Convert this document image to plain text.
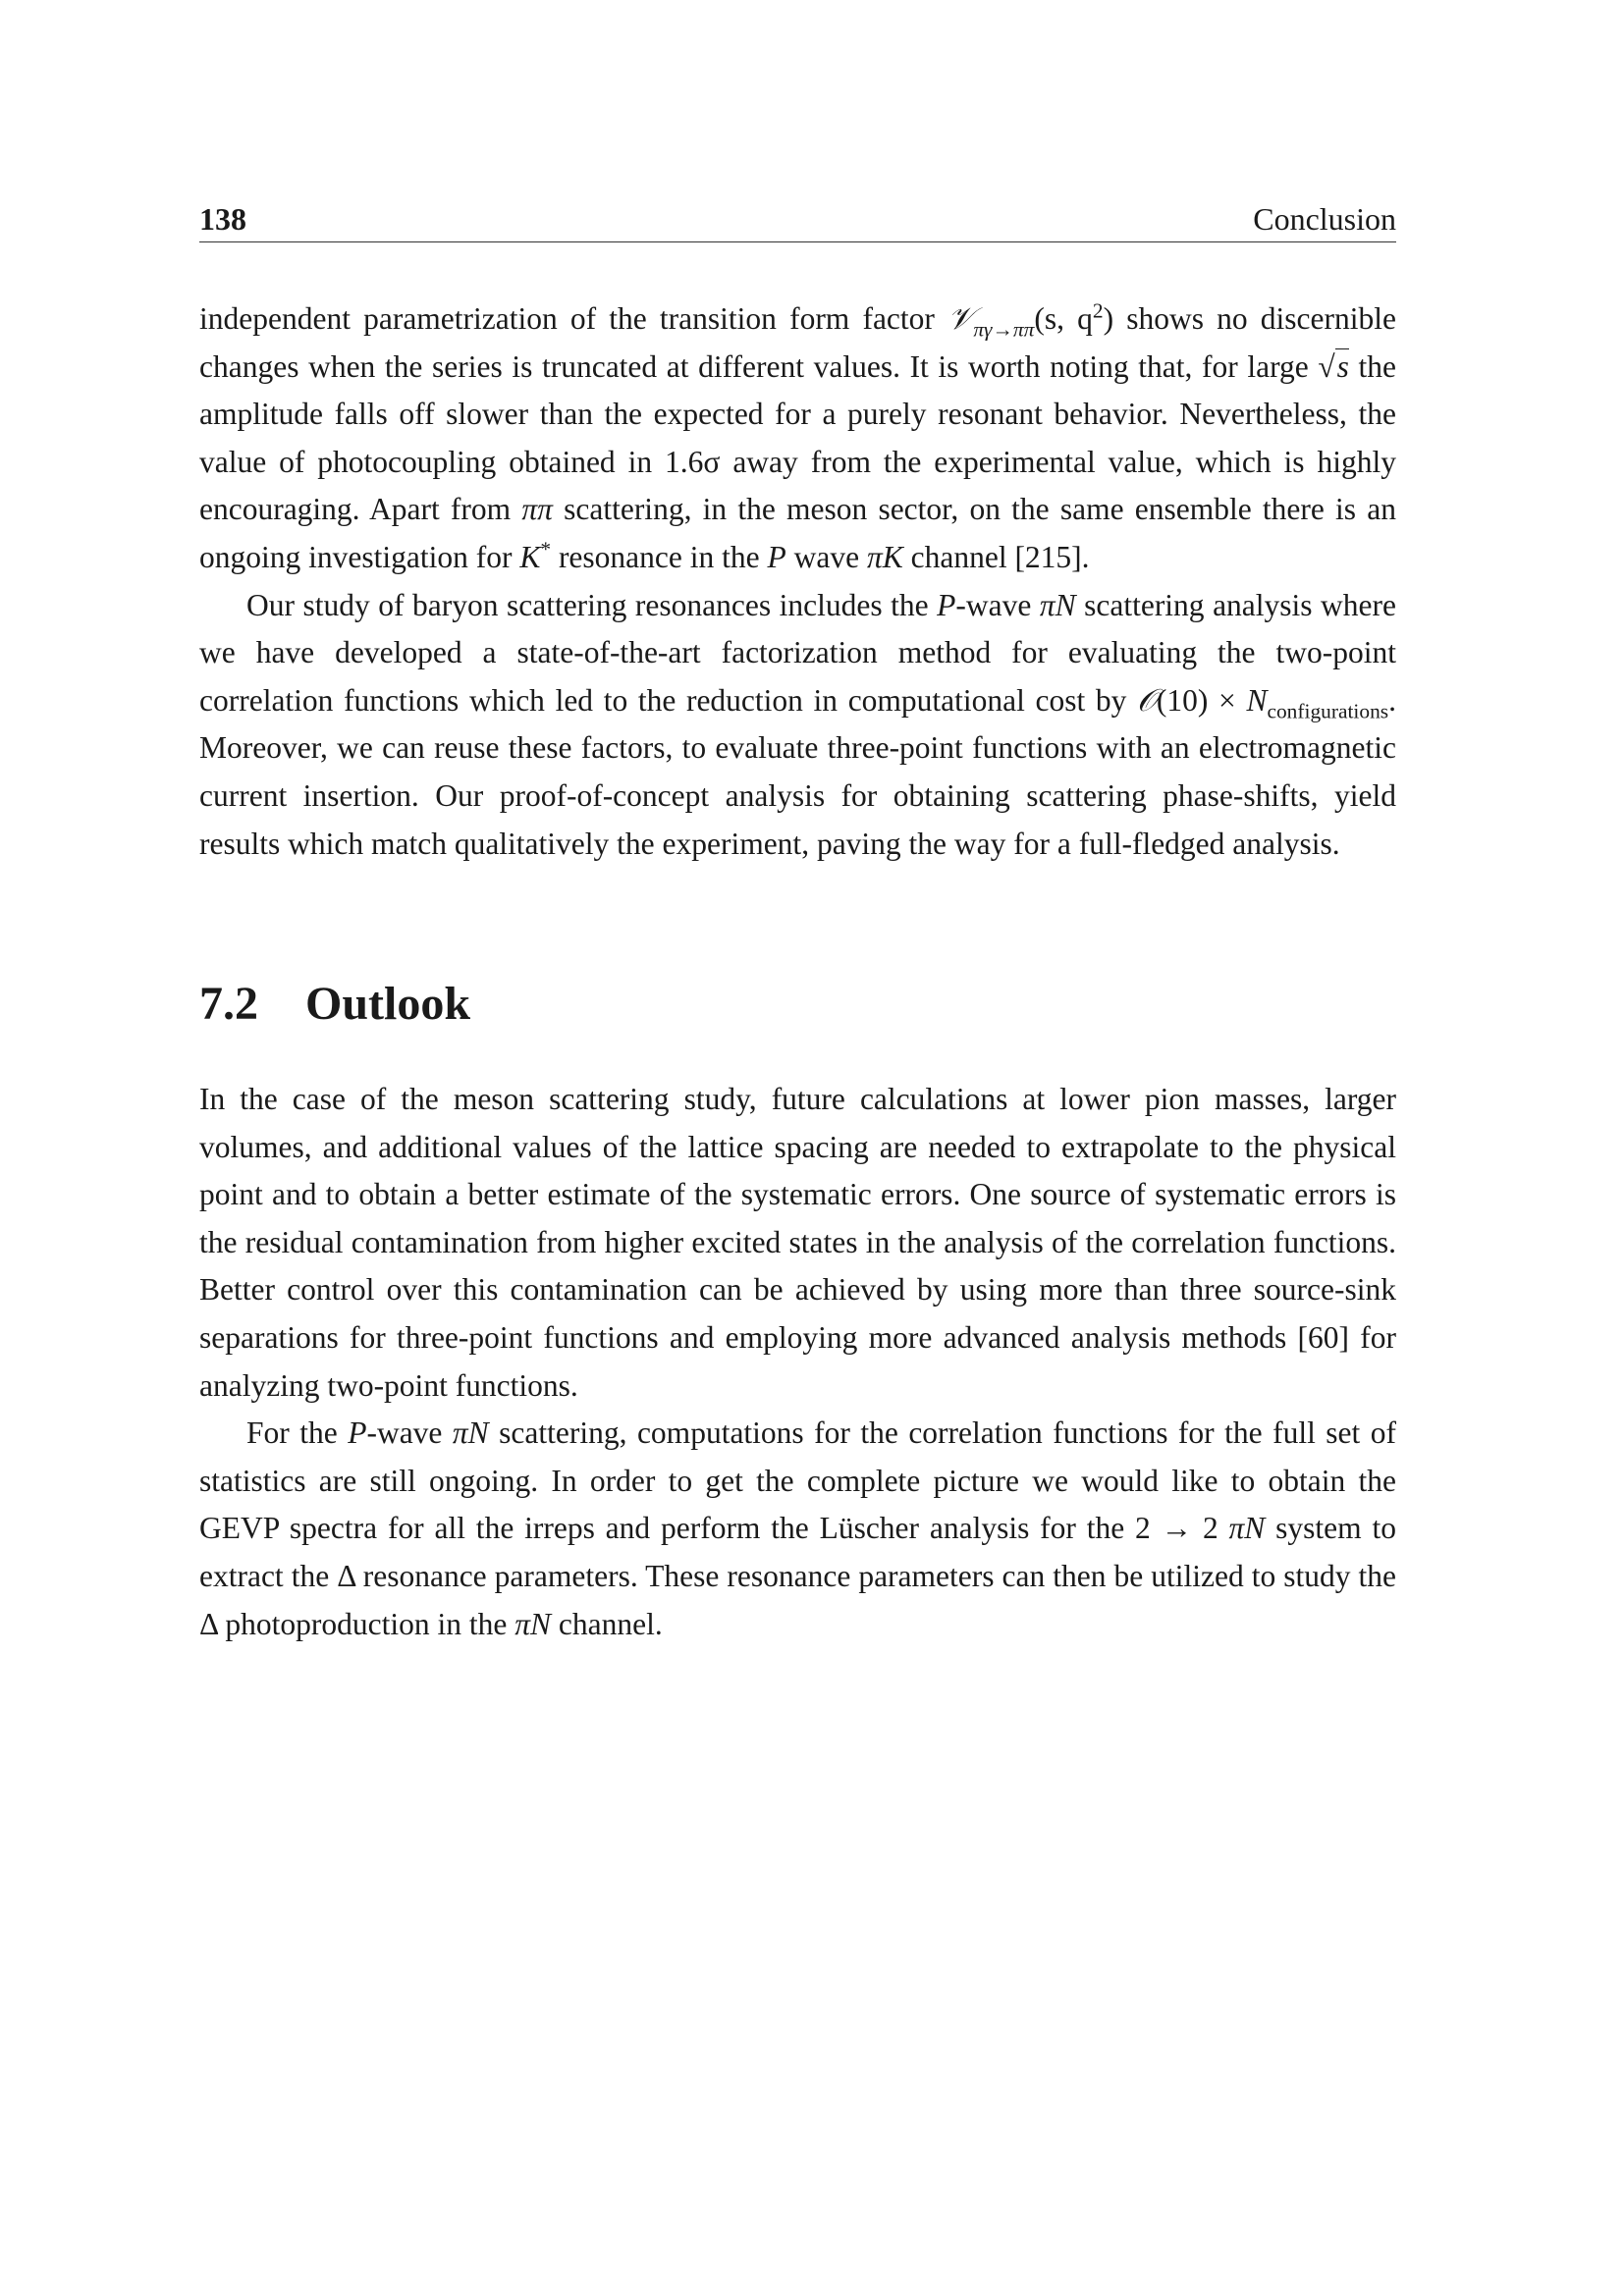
138	Conclusion

independent parametrization of the transition form factor 𝒱$_{\pi\gamma\to\pi\pi}$(s, $q^2$) shows no discernible changes when the series is truncated at different values. It is worth noting that, for large √s the amplitude falls off slower than the expected for a purely resonant behavior. Nevertheless, the value of photocoupling obtained in 1.6σ away from the experimental value, which is highly encouraging. Apart from ππ scattering, in the meson sector, on the same ensemble there is an ongoing investigation for K* resonance in the P wave πK channel [215].

Our study of baryon scattering resonances includes the P-wave πN scattering analysis where we have developed a state-of-the-art factorization method for evaluating the two-point correlation functions which led to the reduction in computational cost by 𝒪(10) × $N_{configurations}$. Moreover, we can reuse these factors, to evaluate three-point functions with an electromagnetic current insertion. Our proof-of-concept analysis for obtaining scattering phase-shifts, yield results which match qualitatively the experiment, paving the way for a full-fledged analysis.

7.2 Outlook

In the case of the meson scattering study, future calculations at lower pion masses, larger volumes, and additional values of the lattice spacing are needed to extrapolate to the physical point and to obtain a better estimate of the systematic errors. One source of systematic errors is the residual contamination from higher excited states in the analysis of the correlation functions. Better control over this contamination can be achieved by using more than three source-sink separations for three-point functions and employing more advanced analysis methods [60] for analyzing two-point functions.

For the P-wave πN scattering, computations for the correlation functions for the full set of statistics are still ongoing. In order to get the complete picture we would like to obtain the GEVP spectra for all the irreps and perform the Lüscher analysis for the 2 → 2 πN system to extract the Δ resonance parameters. These resonance parameters can then be utilized to study the Δ photoproduction in the πN channel.
